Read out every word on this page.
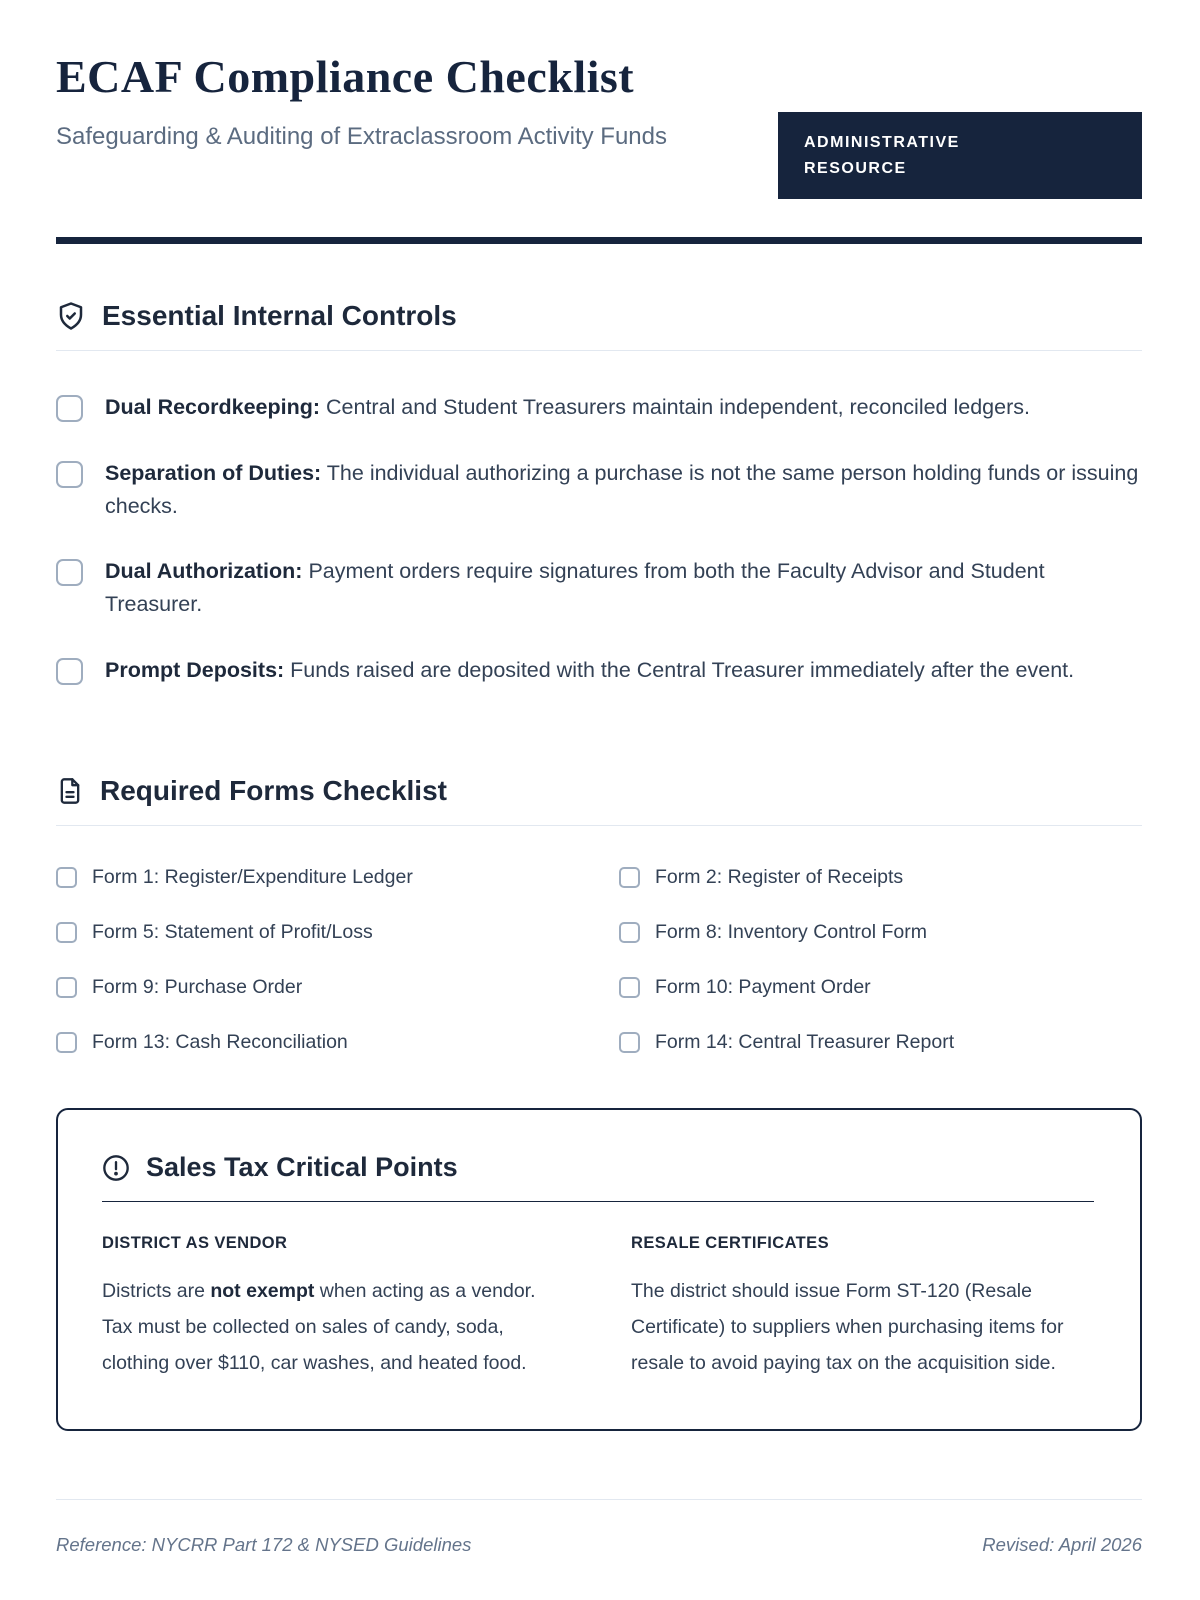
ECAF Compliance Checklist

Safeguarding & Auditing of Extraclassroom Activity Funds	ADMINISTRATIVE RESOURCE
Essential Internal Controls

Dual Recordkeeping: Central and Student Treasurers maintain independent, reconciled ledgers.

Separation of Duties: The individual authorizing a purchase is not the same person holding funds or issuing checks.

Dual Authorization: Payment orders require signatures from both the Faculty Advisor and Student Treasurer.

Prompt Deposits: Funds raised are deposited with the Central Treasurer immediately after the event.

Required Forms Checklist
Form 1: Register/Expenditure Ledger	Form 2: Register of Receipts
Form 5: Statement of Profit/Loss	Form 8: Inventory Control Form
Form 9: Purchase Order	Form 10: Payment Order
Form 13: Cash Reconciliation	Form 14: Central Treasurer Report
Sales Tax Critical Points

DISTRICT AS VENDOR

Districts are not exempt when acting as a vendor. Tax must be collected on sales of candy, soda, clothing over $110, car washes, and heated food.

RESALE CERTIFICATES

The district should issue Form ST-120 (Resale Certificate) to suppliers when purchasing items for resale to avoid paying tax on the acquisition side.

Reference: NYCRR Part 172 & NYSED Guidelines	Revised: April 2026
